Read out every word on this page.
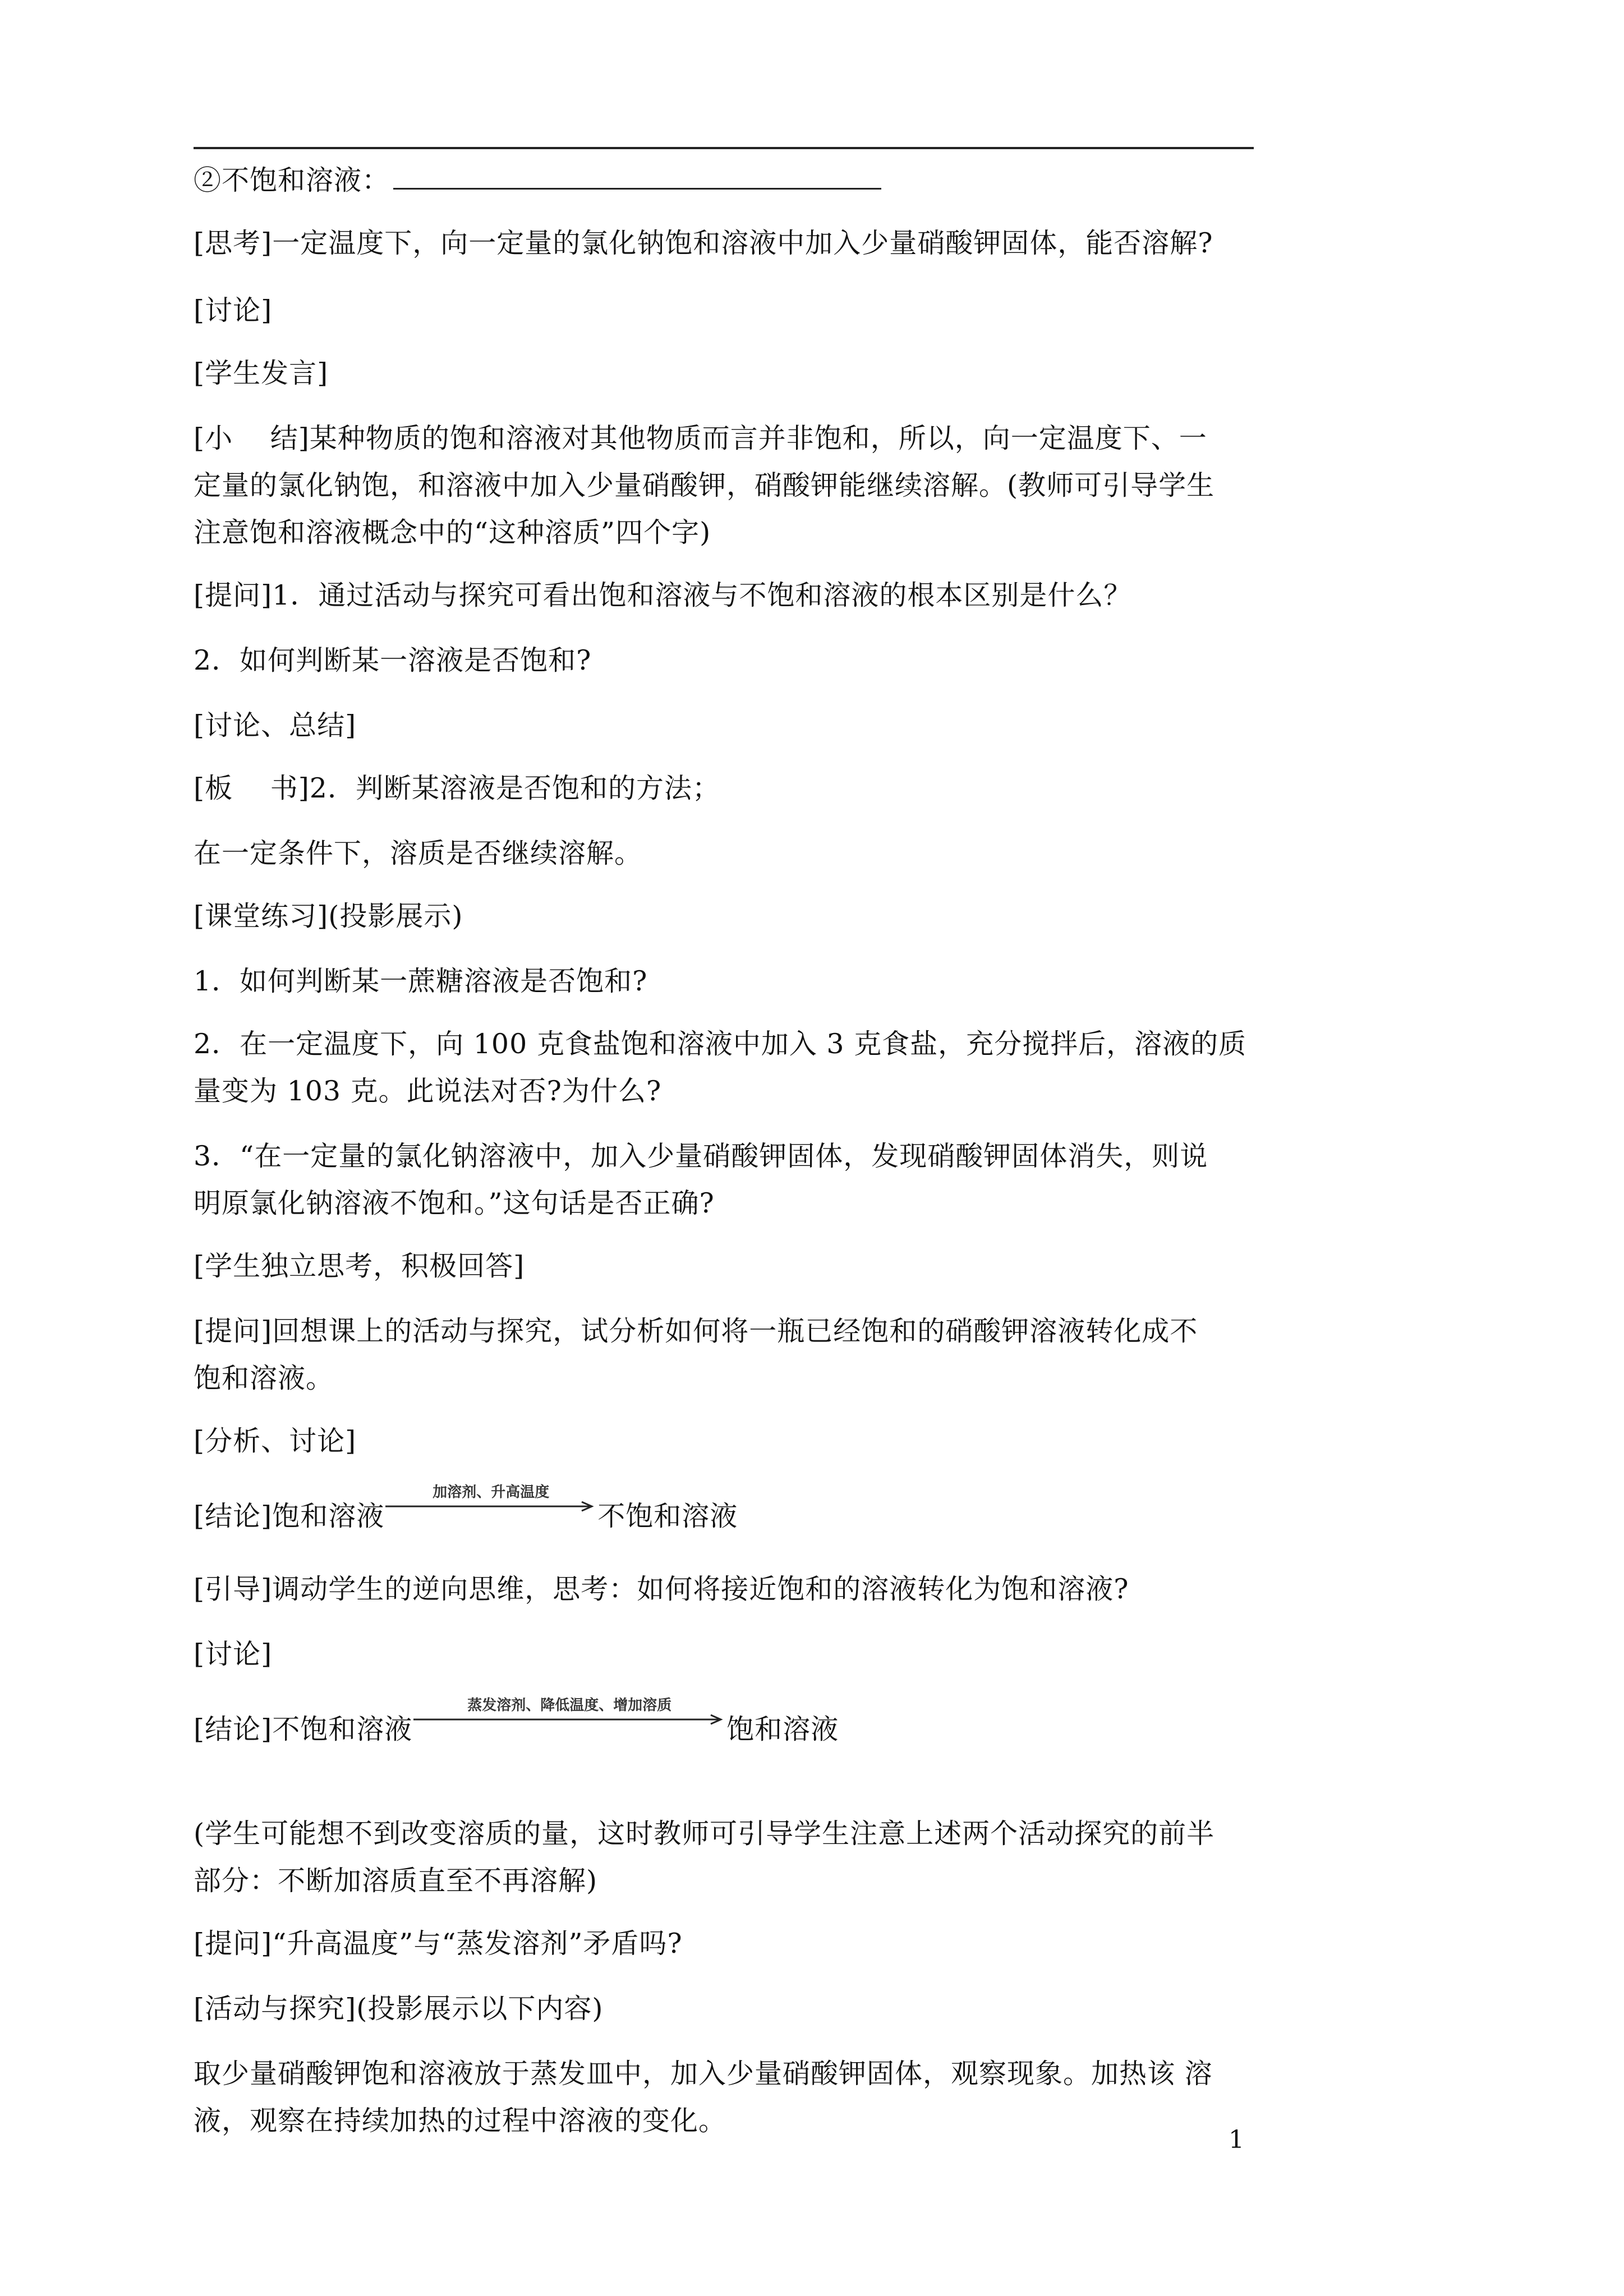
②不饱和溶液：
[思考]一定温度下，向一定量的氯化钠饱和溶液中加入少量硝酸钾固体，能否溶解?
[讨论]
[学生发言]
[小　 结]某种物质的饱和溶液对其他物质而言并非饱和，所以，向一定温度下、一
定量的氯化钠饱，和溶液中加入少量硝酸钾，硝酸钾能继续溶解。(教师可引导学生
注意饱和溶液概念中的“这种溶质”四个字)
[提问]1．通过活动与探究可看出饱和溶液与不饱和溶液的根本区别是什么？
2．如何判断某一溶液是否饱和?
[讨论、总结]
[板　 书]2．判断某溶液是否饱和的方法；
在一定条件下，溶质是否继续溶解。
[课堂练习](投影展示)
1．如何判断某一蔗糖溶液是否饱和?
2．在一定温度下，向 100 克食盐饱和溶液中加入 3 克食盐，充分搅拌后，溶液的质
量变为 103 克。此说法对否?为什么?
3．“在一定量的氯化钠溶液中，加入少量硝酸钾固体，发现硝酸钾固体消失，则说
明原氯化钠溶液不饱和。”这句话是否正确?
[学生独立思考，积极回答]
[提问]回想课上的活动与探究，试分析如何将一瓶已经饱和的硝酸钾溶液转化成不
饱和溶液。
[分析、讨论]
[结论]饱和溶液
加溶剂、升高温度
不饱和溶液
[引导]调动学生的逆向思维，思考：如何将接近饱和的溶液转化为饱和溶液?
[讨论]
[结论]不饱和溶液
蒸发溶剂、降低温度、增加溶质
饱和溶液
(学生可能想不到改变溶质的量，这时教师可引导学生注意上述两个活动探究的前半
部分：不断加溶质直至不再溶解)
[提问]“升高温度”与“蒸发溶剂”矛盾吗?
[活动与探究](投影展示以下内容)
取少量硝酸钾饱和溶液放于蒸发皿中，加入少量硝酸钾固体，观察现象。加热该 溶
液，观察在持续加热的过程中溶液的变化。
1
